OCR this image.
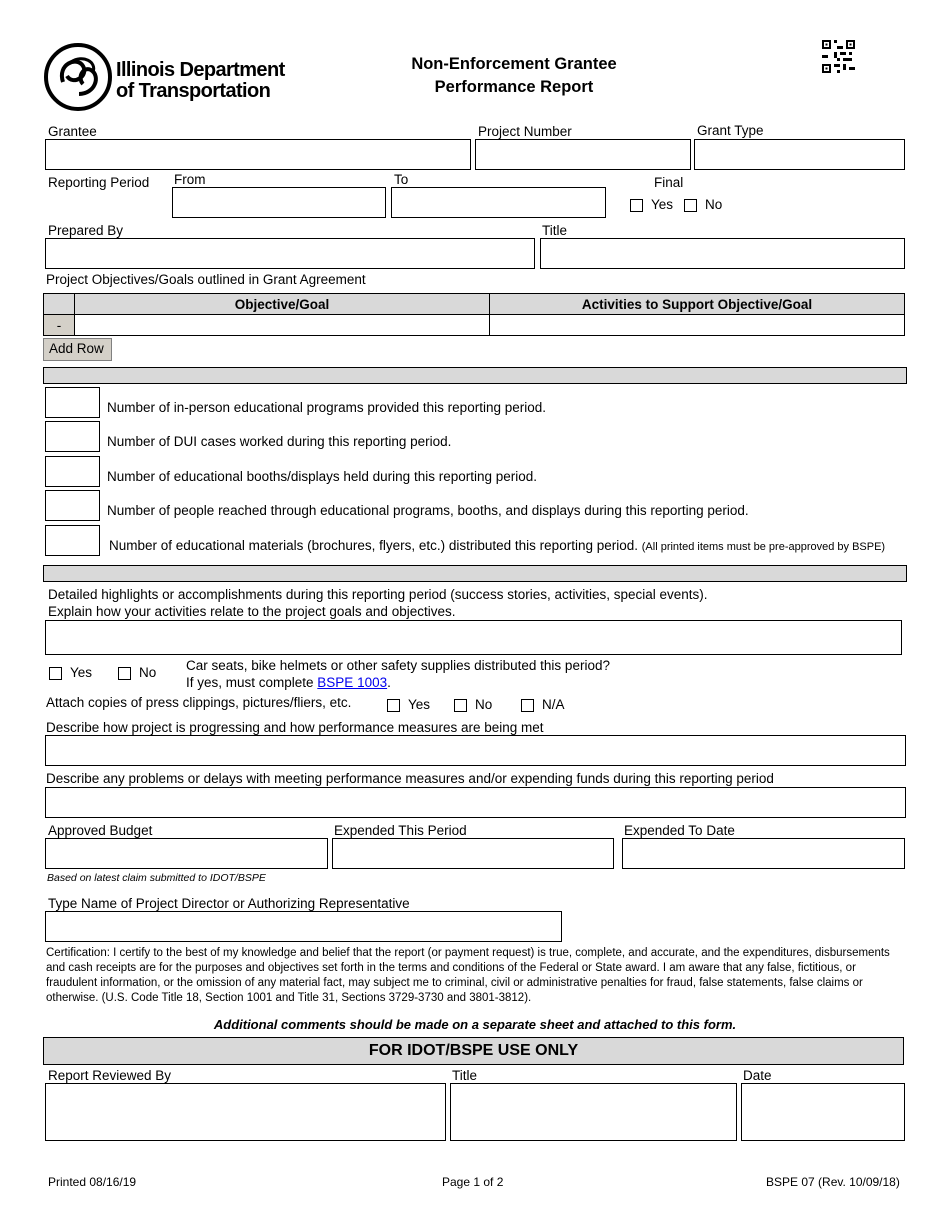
Illinois Department
of Transportation
Non-Enforcement Grantee
Performance Report
Grantee	Project Number	Grant Type
Reporting Period From	To	Final
Yes No
Prepared By	Title
Project Objectives/Goals outlined in Grant Agreement
	Objective/Goal	Activities to Support Objective/Goal
-		
Add Row
Number of in-person educational programs provided this reporting period.
Number of DUI cases worked during this reporting period.
Number of educational booths/displays held during this reporting period.
Number of people reached through educational programs, booths, and displays during this reporting period.
Number of educational materials (brochures, flyers, etc.) distributed this reporting period. (All printed items must be pre-approved by BSPE)
Detailed highlights or accomplishments during this reporting period (success stories, activities, special events).
Explain how your activities relate to the project goals and objectives.
Yes	No Car seats, bike helmets or other safety supplies distributed this period?
If yes, must complete BSPE 1003.
Attach copies of press clippings, pictures/fliers, etc.	Yes	No	N/A
Describe how project is progressing and how performance measures are being met
Describe any problems or delays with meeting performance measures and/or expending funds during this reporting period
Approved Budget	Expended This Period	Expended To Date
Based on latest claim submitted to IDOT/BSPE
Type Name of Project Director or Authorizing Representative
Certification: I certify to the best of my knowledge and belief that the report (or payment request) is true, complete, and accurate, and the expenditures, disbursements and cash receipts are for the purposes and objectives set forth in the terms and conditions of the Federal or State award. I am aware that any false, fictitious, or fraudulent information, or the omission of any material fact, may subject me to criminal, civil or administrative penalties for fraud, false statements, false claims or otherwise. (U.S. Code Title 18, Section 1001 and Title 31, Sections 3729-3730 and 3801-3812).
Additional comments should be made on a separate sheet and attached to this form.
FOR IDOT/BSPE USE ONLY
Report Reviewed By	Title	Date
Printed 08/16/19	Page 1 of 2	BSPE 07 (Rev. 10/09/18)
